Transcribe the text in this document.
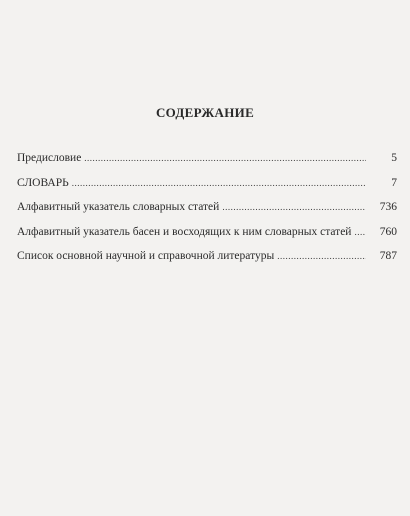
СОДЕРЖАНИЕ
Предисловие .....	5
СЛОВАРЬ .....	7
Алфавитный указатель словарных статей .....	736
Алфавитный указатель басен и восходящих к ним словарных статей .....	760
Список основной научной и справочной литературы .....	787
